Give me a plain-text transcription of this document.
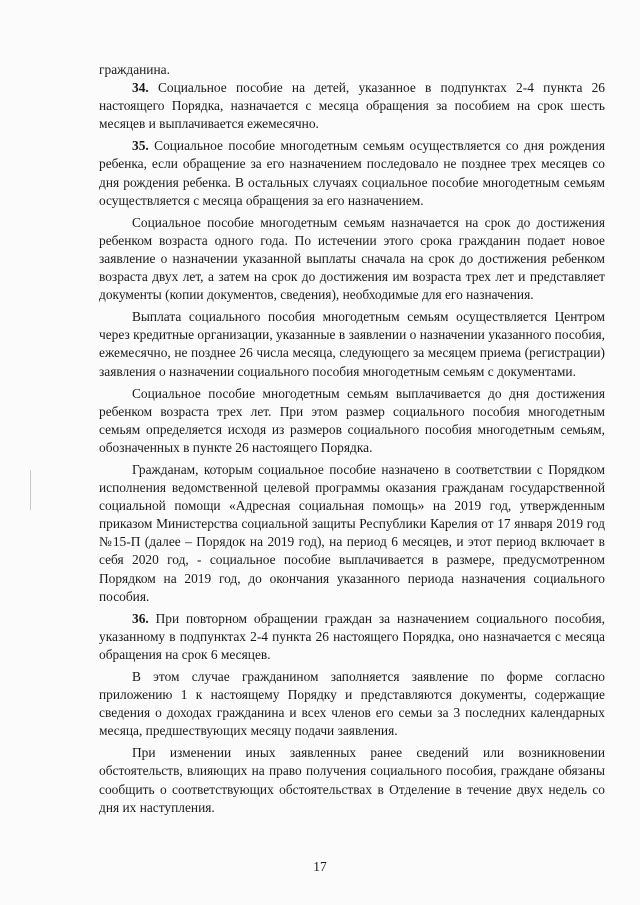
гражданина.

34. Социальное пособие на детей, указанное в подпунктах 2-4 пункта 26 настоящего Порядка, назначается с месяца обращения за пособием на срок шесть месяцев и выплачивается ежемесячно.

35. Социальное пособие многодетным семьям осуществляется со дня рождения ребенка, если обращение за его назначением последовало не позднее трех месяцев со дня рождения ребенка. В остальных случаях социальное пособие многодетным семьям осуществляется с месяца обращения за его назначением.

Социальное пособие многодетным семьям назначается на срок до достижения ребенком возраста одного года. По истечении этого срока гражданин подает новое заявление о назначении указанной выплаты сначала на срок до достижения ребенком возраста двух лет, а затем на срок до достижения им возраста трех лет и представляет документы (копии документов, сведения), необходимые для его назначения.

Выплата социального пособия многодетным семьям осуществляется Центром через кредитные организации, указанные в заявлении о назначении указанного пособия, ежемесячно, не позднее 26 числа месяца, следующего за месяцем приема (регистрации) заявления о назначении социального пособия многодетным семьям с документами.

Социальное пособие многодетным семьям выплачивается до дня достижения ребенком возраста трех лет. При этом размер социального пособия многодетным семьям определяется исходя из размеров социального пособия многодетным семьям, обозначенных в пункте 26 настоящего Порядка.

Гражданам, которым социальное пособие назначено в соответствии с Порядком исполнения ведомственной целевой программы оказания гражданам государственной социальной помощи «Адресная социальная помощь» на 2019 год, утвержденным приказом Министерства социальной защиты Республики Карелия от 17 января 2019 год №15-П (далее – Порядок на 2019 год), на период 6 месяцев, и этот период включает в себя 2020 год, - социальное пособие выплачивается в размере, предусмотренном Порядком на 2019 год, до окончания указанного периода назначения социального пособия.

36. При повторном обращении граждан за назначением социального пособия, указанному в подпунктах 2-4 пункта 26 настоящего Порядка, оно назначается с месяца обращения на срок 6 месяцев.

В этом случае гражданином заполняется заявление по форме согласно приложению 1 к настоящему Порядку и представляются документы, содержащие сведения о доходах гражданина и всех членов его семьи за 3 последних календарных месяца, предшествующих месяцу подачи заявления.

При изменении иных заявленных ранее сведений или возникновении обстоятельств, влияющих на право получения социального пособия, граждане обязаны сообщить о соответствующих обстоятельствах в Отделение в течение двух недель со дня их наступления.

17
